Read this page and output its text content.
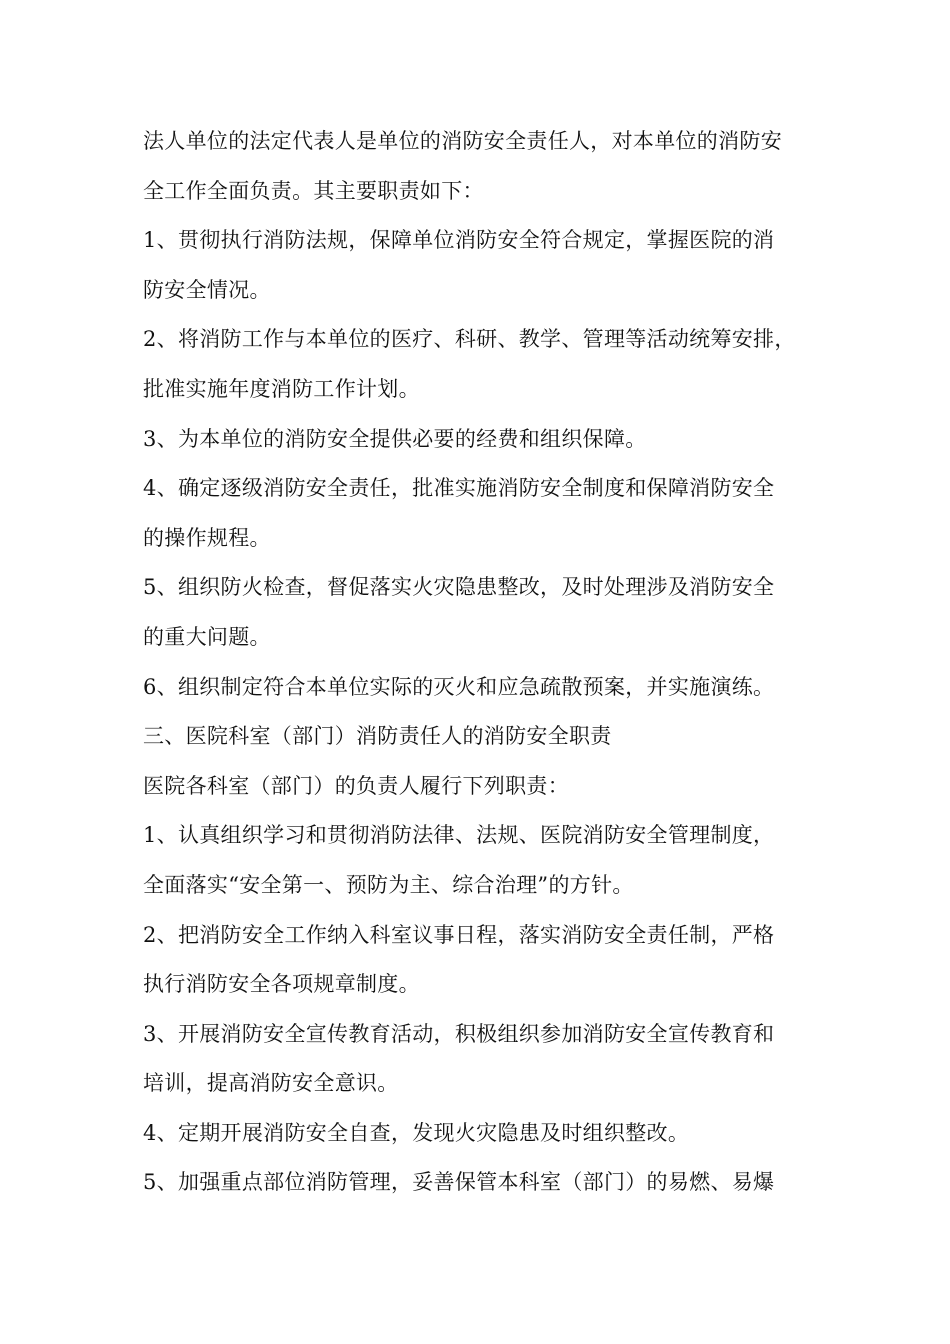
法人单位的法定代表人是单位的消防安全责任人，对本单位的消防安
全工作全面负责。其主要职责如下：
1、贯彻执行消防法规，保障单位消防安全符合规定，掌握医院的消
防安全情况。
2、将消防工作与本单位的医疗、科研、教学、管理等活动统筹安排，
批准实施年度消防工作计划。
3、为本单位的消防安全提供必要的经费和组织保障。
4、确定逐级消防安全责任，批准实施消防安全制度和保障消防安全
的操作规程。
5、组织防火检查，督促落实火灾隐患整改，及时处理涉及消防安全
的重大问题。
6、组织制定符合本单位实际的灭火和应急疏散预案，并实施演练。
三、医院科室（部门）消防责任人的消防安全职责
医院各科室（部门）的负责人履行下列职责：
1、认真组织学习和贯彻消防法律、法规、医院消防安全管理制度，
全面落实“安全第一、预防为主、综合治理”的方针。
2、把消防安全工作纳入科室议事日程，落实消防安全责任制，严格
执行消防安全各项规章制度。
3、开展消防安全宣传教育活动，积极组织参加消防安全宣传教育和
培训，提高消防安全意识。
4、定期开展消防安全自查，发现火灾隐患及时组织整改。
5、加强重点部位消防管理，妥善保管本科室（部门）的易燃、易爆
